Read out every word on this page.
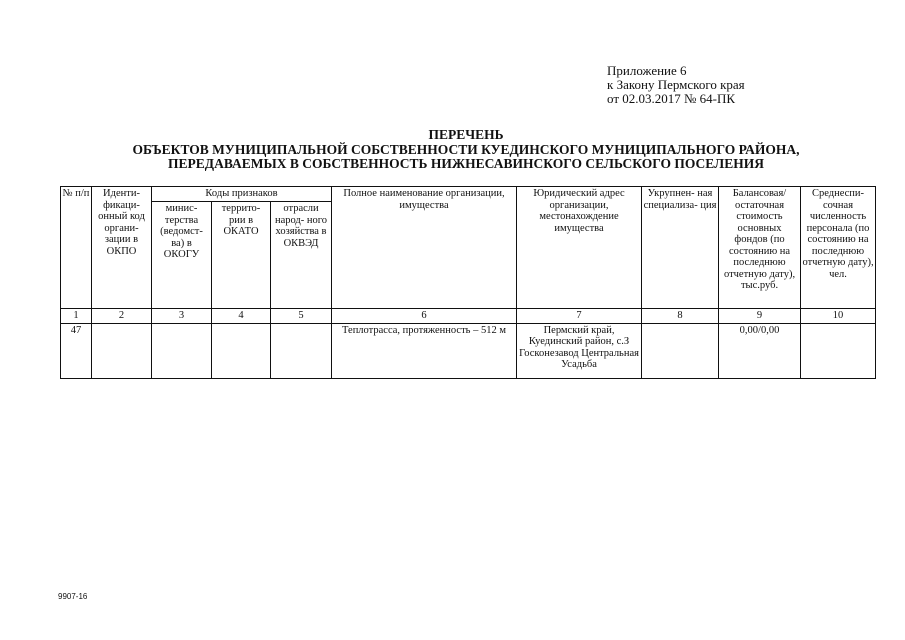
Приложение 6
к Закону Пермского края
от 02.03.2017 № 64-ПК
ПЕРЕЧЕНЬ
ОБЪЕКТОВ МУНИЦИПАЛЬНОЙ СОБСТВЕННОСТИ КУЕДИНСКОГО МУНИЦИПАЛЬНОГО РАЙОНА,
ПЕРЕДАВАЕМЫХ В СОБСТВЕННОСТЬ НИЖНЕСАВИНСКОГО СЕЛЬСКОГО ПОСЕЛЕНИЯ
№ п/п	Иденти- фикаци- онный код органи- зации в ОКПО	Коды признаков			Полное наименование организации, имущества	Юридический адрес организации, местонахождение имущества	Укрупнен- ная специализа- ция	Балансовая/ остаточная стоимость основных фондов (по состоянию на последнюю отчетную дату), тыс.руб.	Среднеспи- сочная численность персонала (по состоянию на последнюю отчетную дату), чел.
		минис- терства (ведомст- ва) в ОКОГУ	террито- рии в ОКАТО	отрасли народ- ного хозяйства в ОКВЭД					
1	2	3	4	5	6	7	8	9	10
47					Теплотрасса, протяженность – 512 м	Пермский край, Куединский район, с.З Госконезавод Центральная Усадьба		0,00/0,00	
9907-16
